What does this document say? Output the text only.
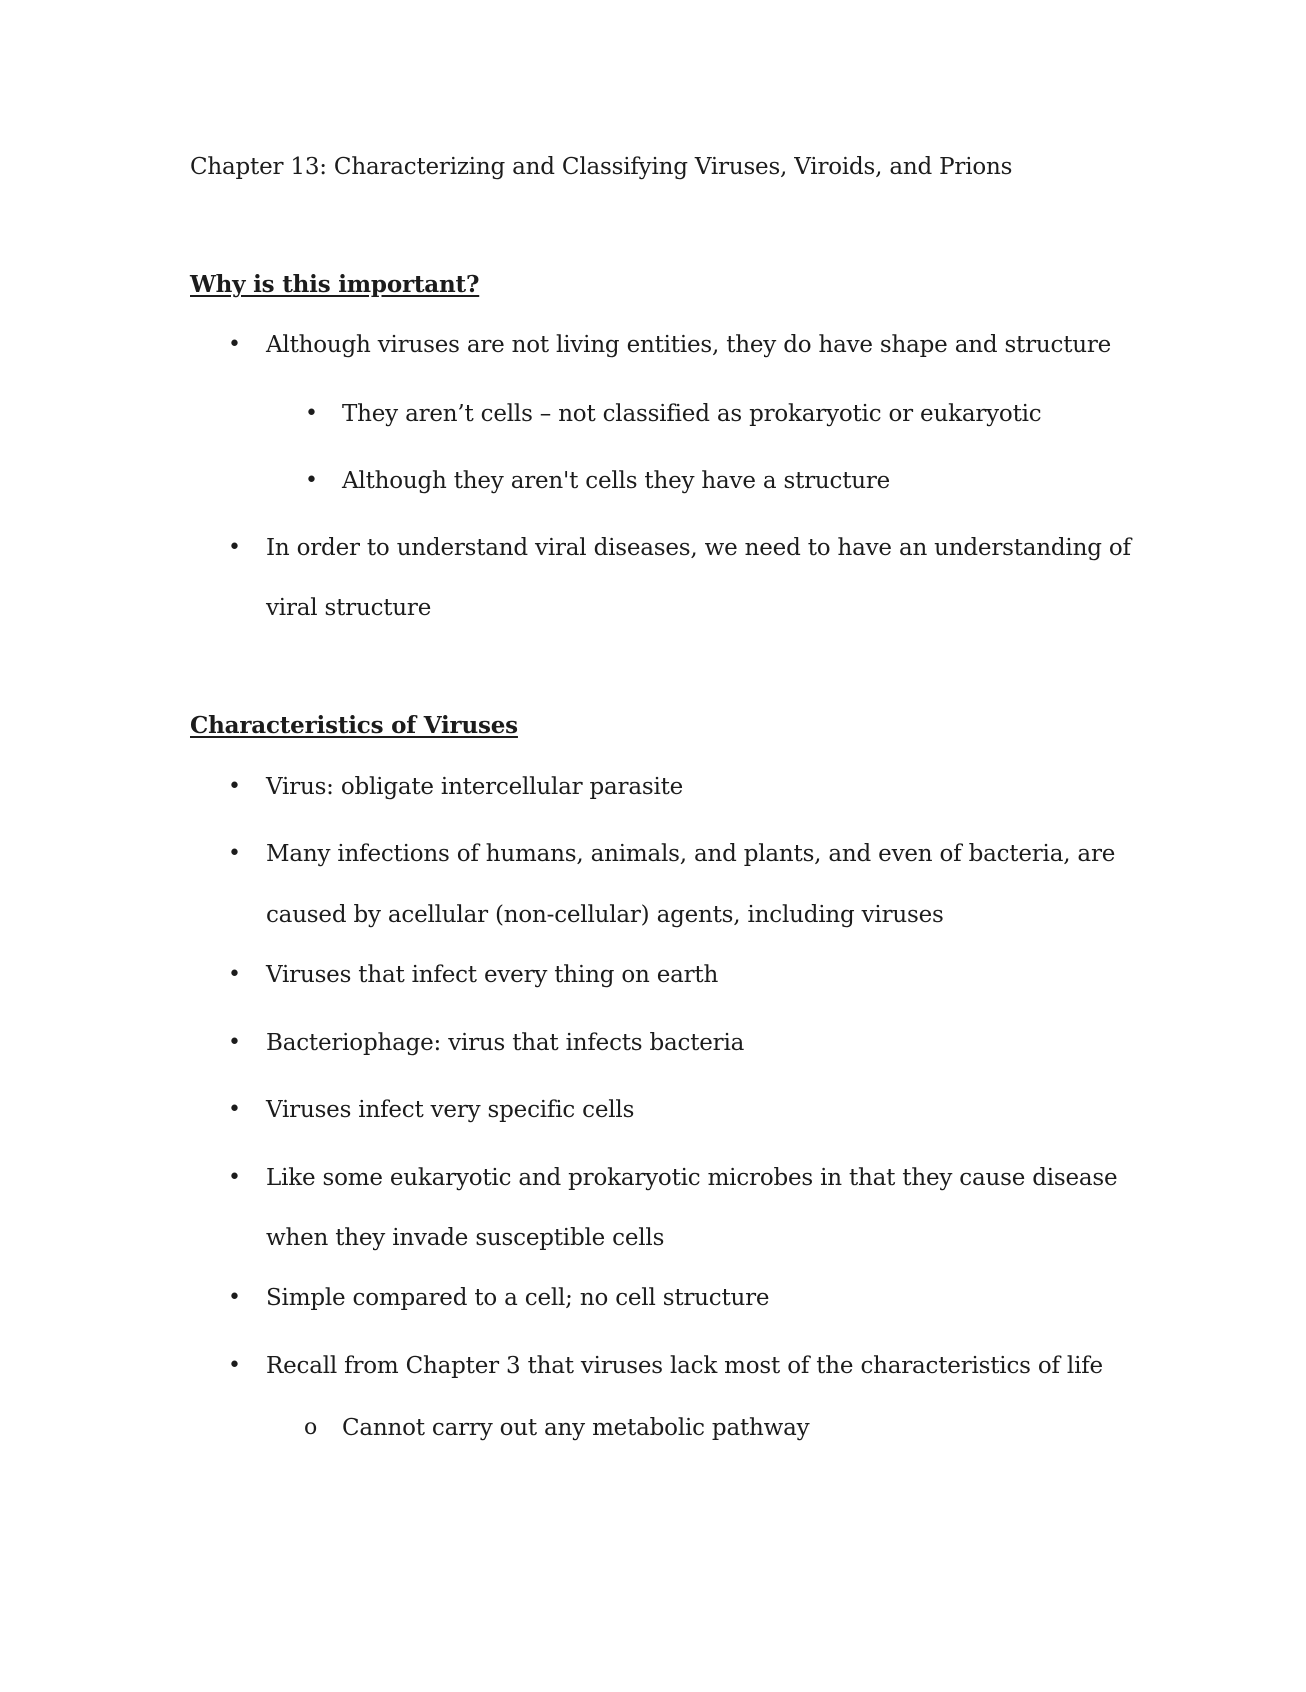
Chapter 13: Characterizing and Classifying Viruses, Viroids, and Prions
Why is this important?
• Although viruses are not living entities, they do have shape and structure
• They aren’t cells – not classified as prokaryotic or eukaryotic
• Although they aren't cells they have a structure
• In order to understand viral diseases, we need to have an understanding of
viral structure
Characteristics of Viruses
• Virus: obligate intercellular parasite
• Many infections of humans, animals, and plants, and even of bacteria, are
caused by acellular (non-cellular) agents, including viruses
• Viruses that infect every thing on earth
• Bacteriophage: virus that infects bacteria
• Viruses infect very specific cells
• Like some eukaryotic and prokaryotic microbes in that they cause disease
when they invade susceptible cells
• Simple compared to a cell; no cell structure
• Recall from Chapter 3 that viruses lack most of the characteristics of life
o Cannot carry out any metabolic pathway
